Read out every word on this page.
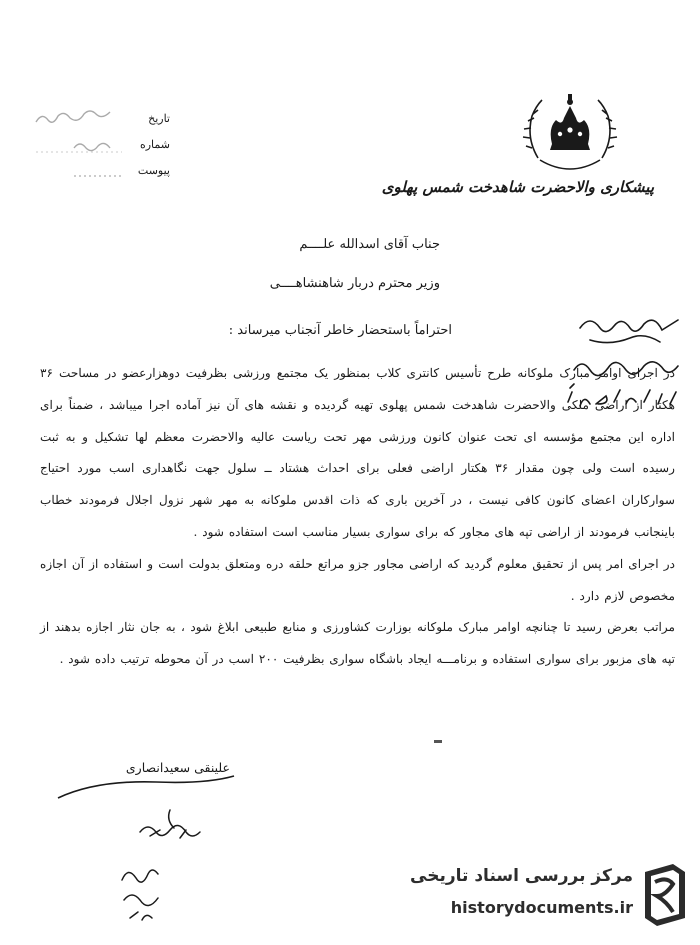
پیشکاری والاحضرت شاهدخت شمس پهلوی
تاریخ
شماره
پیوست
جناب آقای اسدالله علــــم
وزیر محترم دربار شاهنشاهــــی
احتراماً باستحضار خاطر آنجناب میرساند :

در اجرای اوامر مبارک ملوکانه طرح تأسیس کانتری کلاب بمنظور یک مجتمع ورزشی بظرفیت دوهزارعضو در مساحت ۳۶ هکتار از اراضی ملکی والاحضرت شاهدخت شمس پهلوی تهیه گردیده و نقشه های آن نیز آماده اجرا میباشد ، ضمناً برای اداره این مجتمع مؤسسه ای تحت عنوان کانون ورزشی مهر تحت ریاست عالیه والاحضرت معظم لها تشکیل و به ثبت رسیده است ولی چون مقدار ۳۶ هکتار اراضی فعلی برای احداث هشتاد ــ سلول جهت نگاهداری اسب مورد احتیاج سوارکاران اعضای کانون کافی نیست ، در آخرین باری که ذات اقدس ملوکانه به مهر شهر نزول اجلال فرمودند خطاب باینجانب فرمودند از اراضی تپه های مجاور که برای سواری بسیار مناسب است استفاده شود .

در اجرای امر پس از تحقیق معلوم گردید که اراضی مجاور جزو مراتع حلقه دره ومتعلق بدولت است و استفاده از آن اجازه مخصوص لازم دارد .

مراتب بعرض رسید تا چنانچه اوامر مبارک ملوکانه بوزارت کشاورزی و منابع طبیعی ابلاغ شود ، به جان نثار اجازه بدهند از تپه های مزبور برای سواری استفاده و برنامـــه ایجاد باشگاه سواری بظرفیت ۲۰۰ اسب در آن محوطه ترتیب داده شود .

علینقی سعیدانصاری
مرکز بررسی اسناد تاریخی
historydocuments.ir
